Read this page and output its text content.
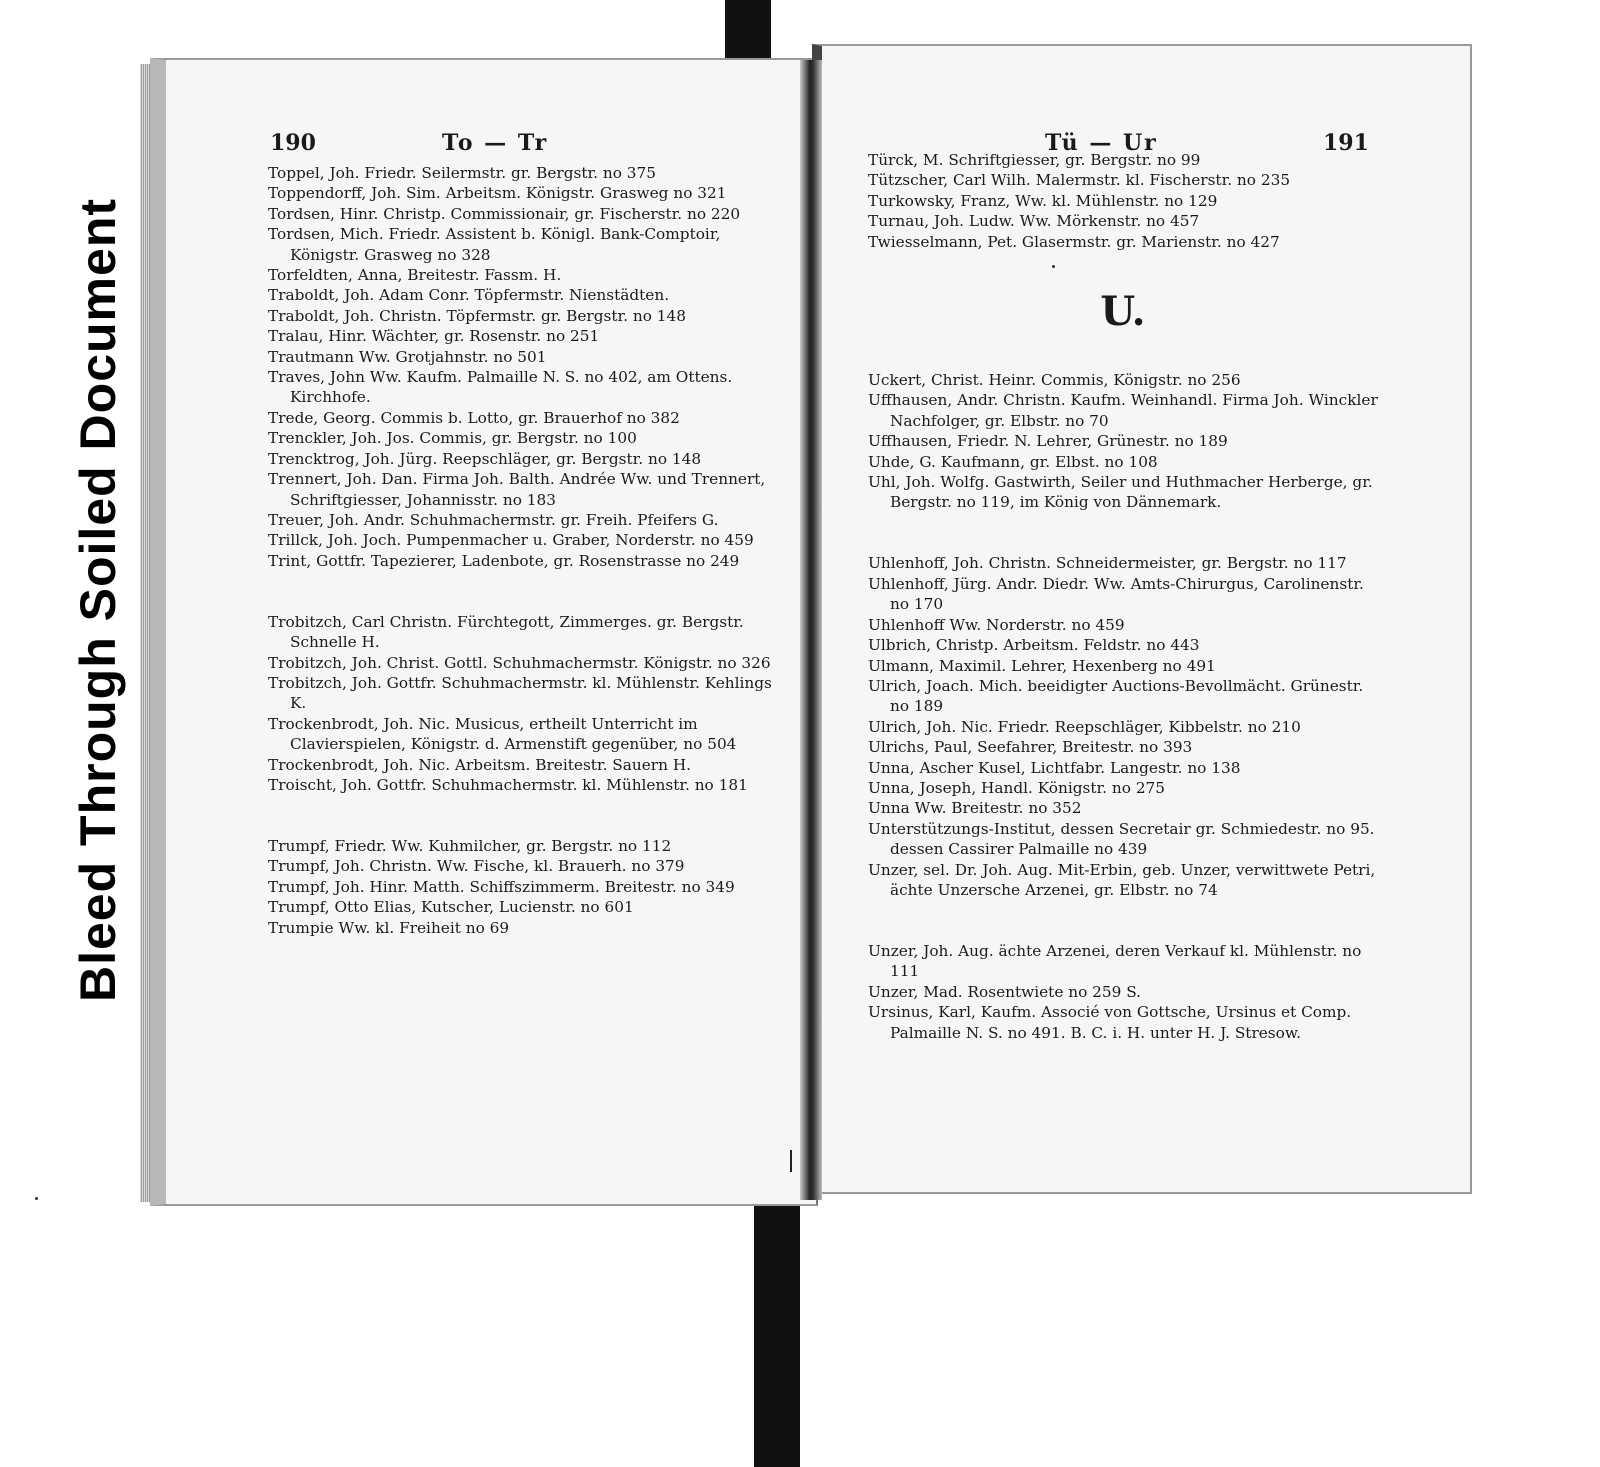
Bleed Through Soiled Document
190	To — Tr	Tü — Ur	191

Toppel, Joh. Friedr. Seilermstr. gr. Bergstr. no 375

Toppendorff, Joh. Sim. Arbeitsm. Königstr. Grasweg no 321

Tordsen, Hinr. Christp. Commissionair, gr. Fischerstr. no 220

Tordsen, Mich. Friedr. Assistent b. Königl. Bank-Comptoir, Königstr. Grasweg no 328

Torfeldten, Anna, Breitestr. Fassm. H.

Traboldt, Joh. Adam Conr. Töpfermstr. Nienstädten.

Traboldt, Joh. Christn. Töpfermstr. gr. Bergstr. no 148

Tralau, Hinr. Wächter, gr. Rosenstr. no 251

Trautmann Ww. Grotjahnstr. no 501

Traves, John Ww. Kaufm. Palmaille N. S. no 402, am Ottens. Kirchhofe.

Trede, Georg. Commis b. Lotto, gr. Brauerhof no 382

Trenckler, Joh. Jos. Commis, gr. Bergstr. no 100

Trencktrog, Joh. Jürg. Reepschläger, gr. Bergstr. no 148

Trennert, Joh. Dan. Firma Joh. Balth. Andrée Ww. und Trennert, Schriftgiesser, Johannisstr. no 183

Treuer, Joh. Andr. Schuhmachermstr. gr. Freih. Pfeifers G.

Trillck, Joh. Joch. Pumpenmacher u. Graber, Norderstr. no 459

Trint, Gottfr. Tapezierer, Ladenbote, gr. Rosenstrasse no 249

Trobitzch, Carl Christn. Fürchtegott, Zimmerges. gr. Bergstr. Schnelle H.

Trobitzch, Joh. Christ. Gottl. Schuhmachermstr. Königstr. no 326

Trobitzch, Joh. Gottfr. Schuhmachermstr. kl. Mühlenstr. Kehlings K.

Trockenbrodt, Joh. Nic. Musicus, ertheilt Unterricht im Clavierspielen, Königstr. d. Armenstift gegenüber, no 504

Trockenbrodt, Joh. Nic. Arbeitsm. Breitestr. Sauern H.

Troischt, Joh. Gottfr. Schuhmachermstr. kl. Mühlenstr. no 181

Trumpf, Friedr. Ww. Kuhmilcher, gr. Bergstr. no 112

Trumpf, Joh. Christn. Ww. Fische, kl. Brauerh. no 379

Trumpf, Joh. Hinr. Matth. Schiffszimmerm. Breitestr. no 349

Trumpf, Otto Elias, Kutscher, Lucienstr. no 601

Trumpie Ww. kl. Freiheit no 69

Türck, M. Schriftgiesser, gr. Bergstr. no 99

Tützscher, Carl Wilh. Malermstr. kl. Fischerstr. no 235

Turkowsky, Franz, Ww. kl. Mühlenstr. no 129

Turnau, Joh. Ludw. Ww. Mörkenstr. no 457

Twiesselmann, Pet. Glasermstr. gr. Marienstr. no 427

U.

Uckert, Christ. Heinr. Commis, Königstr. no 256

Uffhausen, Andr. Christn. Kaufm. Weinhandl. Firma Joh. Winckler Nachfolger, gr. Elbstr. no 70

Uffhausen, Friedr. N. Lehrer, Grünestr. no 189

Uhde, G. Kaufmann, gr. Elbst. no 108

Uhl, Joh. Wolfg. Gastwirth, Seiler und Huthmacher Herberge, gr. Bergstr. no 119, im König von Dännemark.

Uhlenhoff, Joh. Christn. Schneidermeister, gr. Bergstr. no 117

Uhlenhoff, Jürg. Andr. Diedr. Ww. Amts-Chirurgus, Carolinenstr. no 170

Uhlenhoff Ww. Norderstr. no 459

Ulbrich, Christp. Arbeitsm. Feldstr. no 443

Ulmann, Maximil. Lehrer, Hexenberg no 491

Ulrich, Joach. Mich. beeidigter Auctions-Bevollmächt. Grünestr. no 189

Ulrich, Joh. Nic. Friedr. Reepschläger, Kibbelstr. no 210

Ulrichs, Paul, Seefahrer, Breitestr. no 393

Unna, Ascher Kusel, Lichtfabr. Langestr. no 138

Unna, Joseph, Handl. Königstr. no 275

Unna Ww. Breitestr. no 352

Unterstützungs-Institut, dessen Secretair gr. Schmiedestr. no 95. dessen Cassirer Palmaille no 439

Unzer, sel. Dr. Joh. Aug. Mit-Erbin, geb. Unzer, verwittwete Petri, ächte Unzersche Arzenei, gr. Elbstr. no 74

Unzer, Joh. Aug. ächte Arzenei, deren Verkauf kl. Mühlenstr. no 111

Unzer, Mad. Rosentwiete no 259 S.

Ursinus, Karl, Kaufm. Associé von Gottsche, Ursinus et Comp. Palmaille N. S. no 491. B. C. i. H. unter H. J. Stresow.
